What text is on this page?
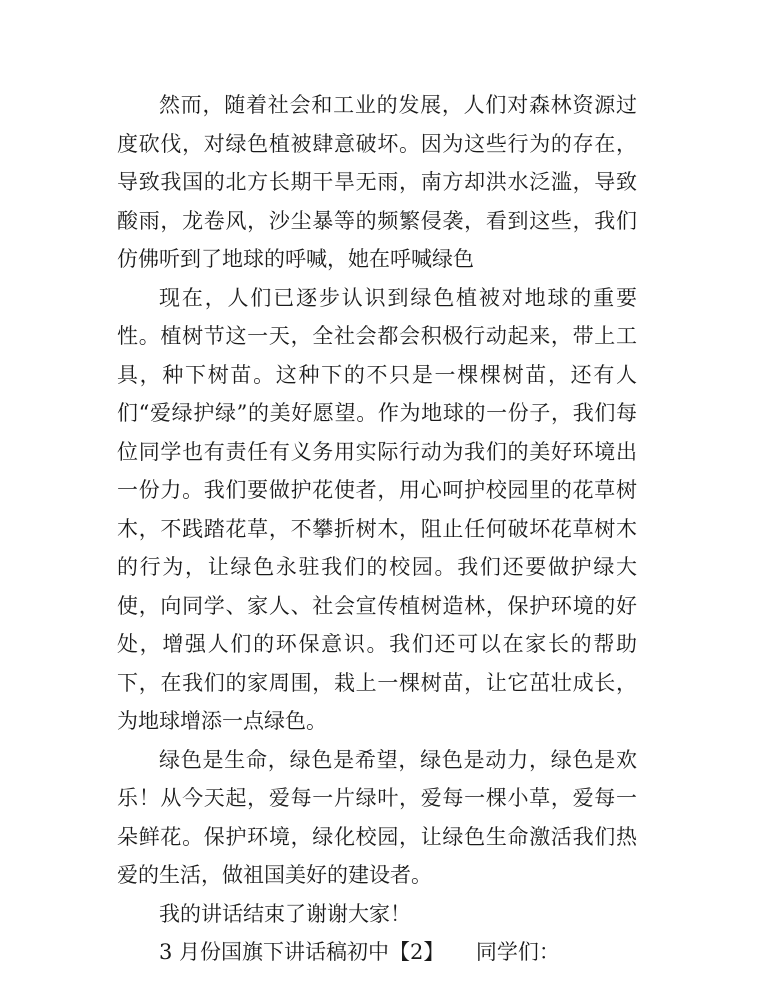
然而，随着社会和工业的发展，人们对森林资源过度砍伐，对绿色植被肆意破坏。因为这些行为的存在，导致我国的北方长期干旱无雨，南方却洪水泛滥，导致酸雨，龙卷风，沙尘暴等的频繁侵袭，看到这些，我们仿佛听到了地球的呼喊，她在呼喊绿色

现在，人们已逐步认识到绿色植被对地球的重要性。植树节这一天，全社会都会积极行动起来，带上工具，种下树苗。这种下的不只是一棵棵树苗，还有人们“爱绿护绿”的美好愿望。作为地球的一份子，我们每位同学也有责任有义务用实际行动为我们的美好环境出一份力。我们要做护花使者，用心呵护校园里的花草树木，不践踏花草，不攀折树木，阻止任何破坏花草树木的行为，让绿色永驻我们的校园。我们还要做护绿大使，向同学、家人、社会宣传植树造林，保护环境的好处，增强人们的环保意识。我们还可以在家长的帮助下，在我们的家周围，栽上一棵树苗，让它茁壮成长，为地球增添一点绿色。

绿色是生命，绿色是希望，绿色是动力，绿色是欢乐！从今天起，爱每一片绿叶，爱每一棵小草，爱每一朵鲜花。保护环境，绿化校园，让绿色生命激活我们热爱的生活，做祖国美好的建设者。

我的讲话结束了谢谢大家！

3 月份国旗下讲话稿初中【2】　　同学们：
